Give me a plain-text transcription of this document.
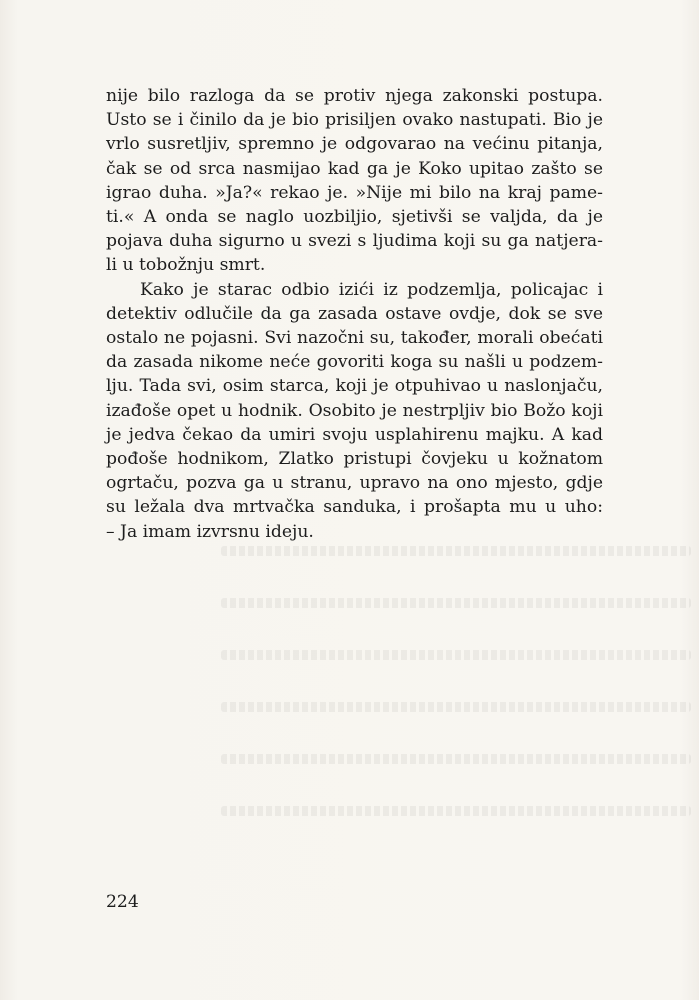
nije bilo razloga da se protiv njega zakonski postupa.
Usto se i činilo da je bio prisiljen ovako nastupati. Bio je
vrlo susretljiv, spremno je odgovarao na većinu pitanja,
čak se od srca nasmijao kad ga je Koko upitao zašto se
igrao duha. »Ja?« rekao je. »Nije mi bilo na kraj pame-
ti.« A onda se naglo uozbiljio, sjetivši se valjda, da je
pojava duha sigurno u svezi s ljudima koji su ga natjera-
li u tobožnju smrt.
Kako je starac odbio izići iz podzemlja, policajac i
detektiv odlučile da ga zasada ostave ovdje, dok se sve
ostalo ne pojasni. Svi nazočni su, također, morali obećati
da zasada nikome neće govoriti koga su našli u podzem-
lju. Tada svi, osim starca, koji je otpuhivao u naslonjaču,
izađoše opet u hodnik. Osobito je nestrpljiv bio Božo koji
je jedva čekao da umiri svoju usplahirenu majku. A kad
pođoše hodnikom, Zlatko pristupi čovjeku u kožnatom
ogrtaču, pozva ga u stranu, upravo na ono mjesto, gdje
su ležala dva mrtvačka sanduka, i prošapta mu u uho:
– Ja imam izvrsnu ideju.
224
